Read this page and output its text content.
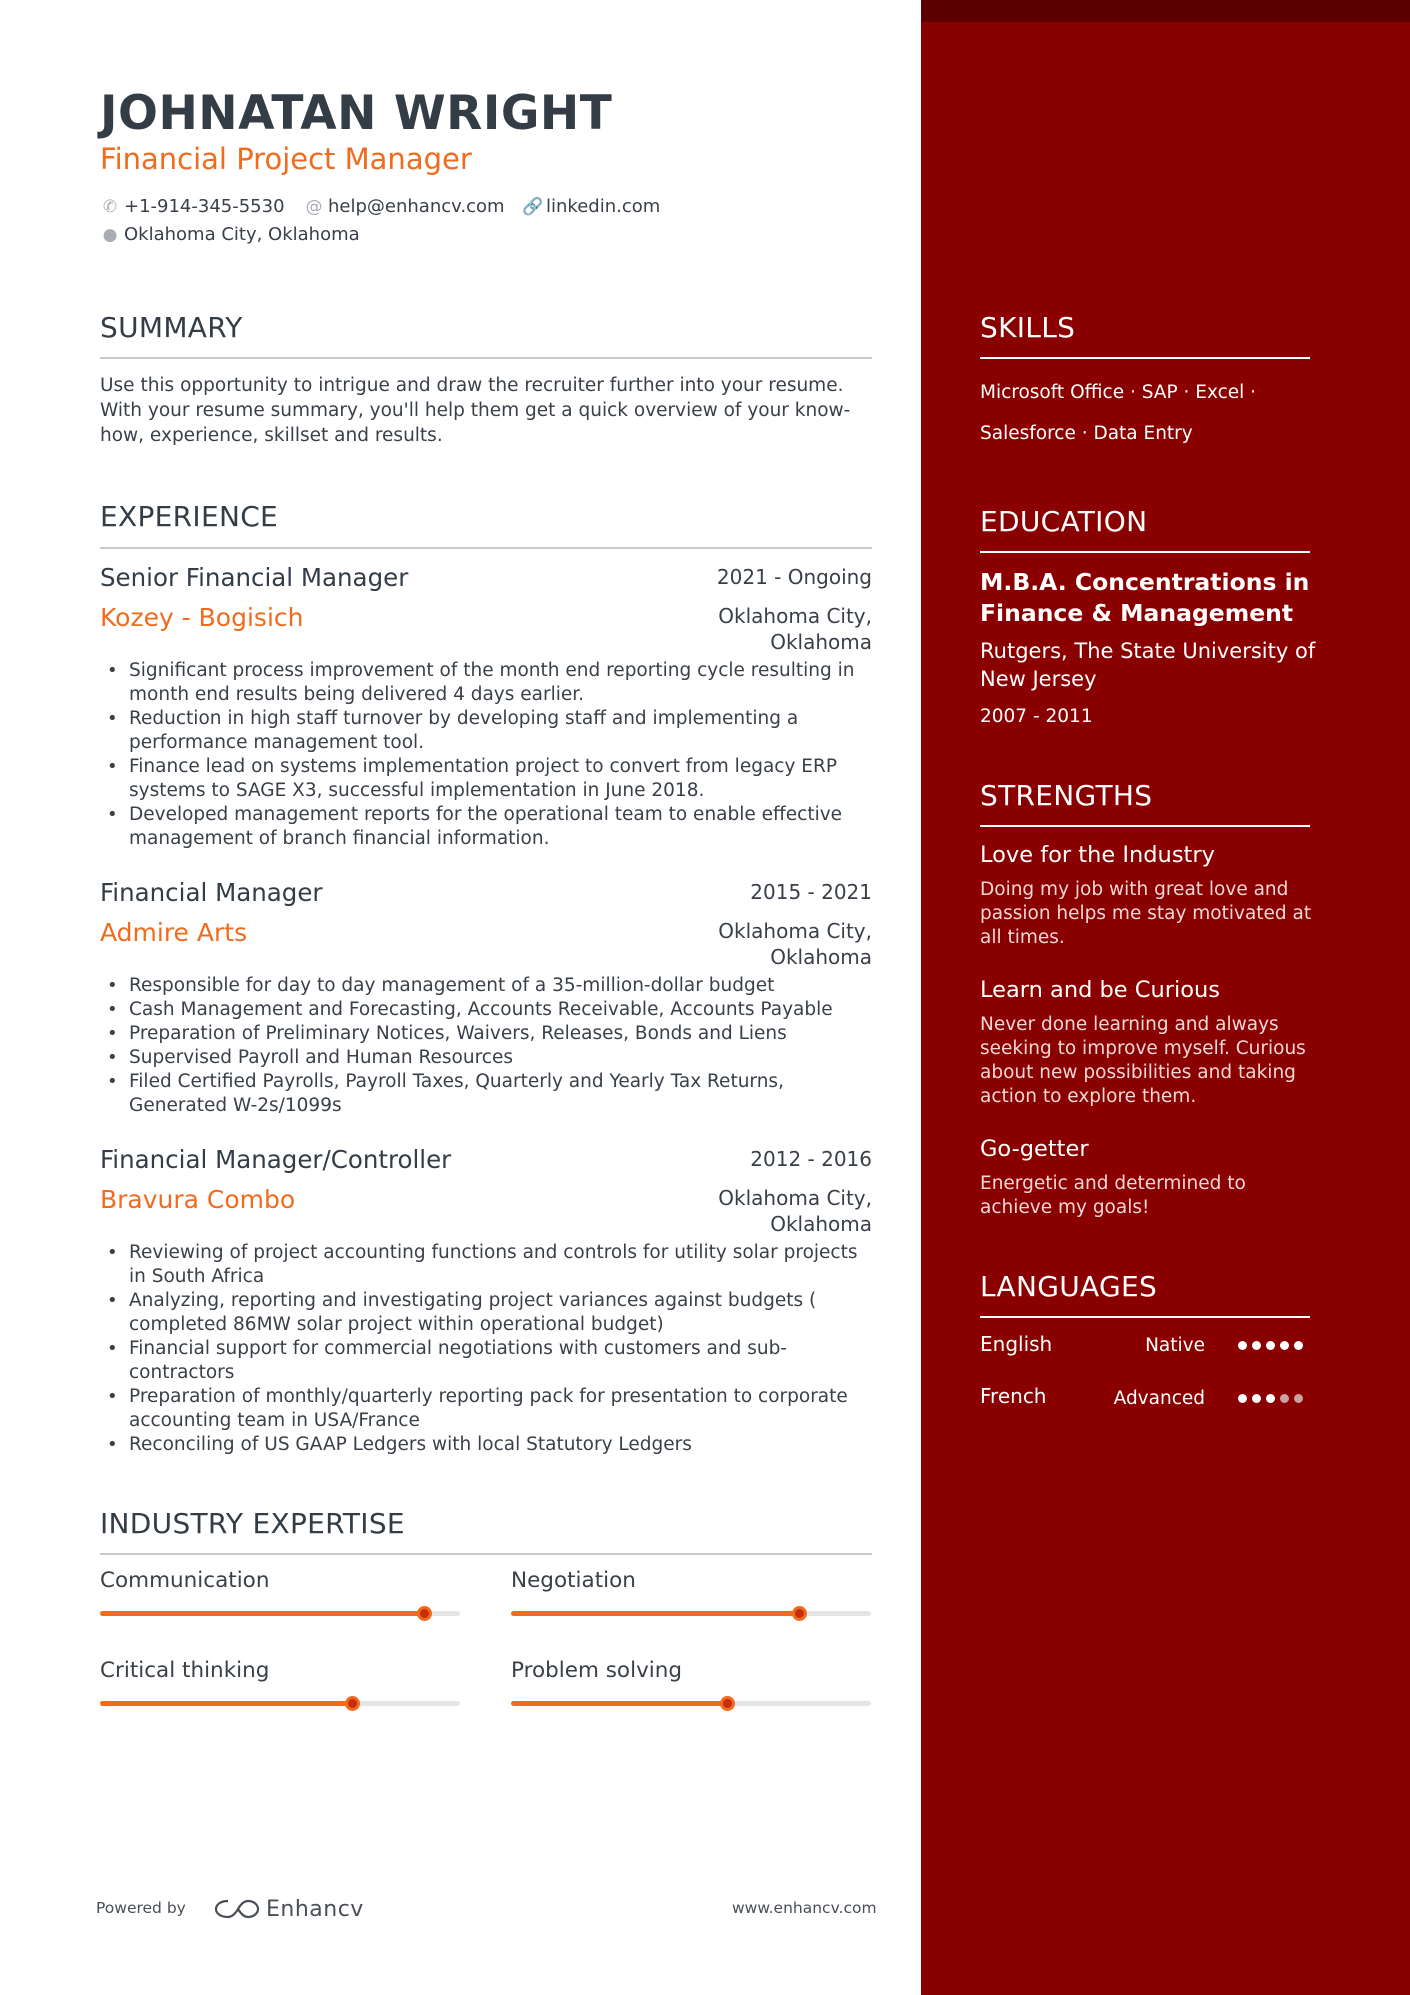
JOHNATAN WRIGHT
Financial Project Manager
✆ +1-914-345-5530 @ help@enhancv.com 🔗 linkedin.com
● Oklahoma City, Oklahoma
SUMMARY
Use this opportunity to intrigue and draw the recruiter further into your resume. With your resume summary, you'll help them get a quick overview of your know-how, experience, skillset and results.
EXPERIENCE
Senior Financial Manager	2021 - Ongoing
Kozey - Bogisich	Oklahoma City,
Oklahoma
• Significant process improvement of the month end reporting cycle resulting in month end results being delivered 4 days earlier.
• Reduction in high staff turnover by developing staff and implementing a performance management tool.
• Finance lead on systems implementation project to convert from legacy ERP systems to SAGE X3, successful implementation in June 2018.
• Developed management reports for the operational team to enable effective management of branch financial information.
Financial Manager	2015 - 2021
Admire Arts	Oklahoma City,
Oklahoma
• Responsible for day to day management of a 35-million-dollar budget
• Cash Management and Forecasting, Accounts Receivable, Accounts Payable
• Preparation of Preliminary Notices, Waivers, Releases, Bonds and Liens
• Supervised Payroll and Human Resources
• Filed Certified Payrolls, Payroll Taxes, Quarterly and Yearly Tax Returns, Generated W-2s/1099s
Financial Manager/Controller	2012 - 2016
Bravura Combo	Oklahoma City,
Oklahoma
• Reviewing of project accounting functions and controls for utility solar projects in South Africa
• Analyzing, reporting and investigating project variances against budgets ( completed 86MW solar project within operational budget)
• Financial support for commercial negotiations with customers and sub-contractors
• Preparation of monthly/quarterly reporting pack for presentation to corporate accounting team in USA/France
• Reconciling of US GAAP Ledgers with local Statutory Ledgers
INDUSTRY EXPERTISE
Communication	Negotiation
Critical thinking	Problem solving
Powered by	Enhancv	www.enhancv.com
SKILLS
Microsoft Office · SAP · Excel ·
Salesforce · Data Entry
EDUCATION
M.B.A. Concentrations in Finance & Management
Rutgers, The State University of New Jersey
2007 - 2011
STRENGTHS
Love for the Industry
Doing my job with great love and passion helps me stay motivated at all times.
Learn and be Curious
Never done learning and always seeking to improve myself. Curious about new possibilities and taking action to explore them.
Go-getter
Energetic and determined to achieve my goals!
LANGUAGES
English	Native
French	Advanced
